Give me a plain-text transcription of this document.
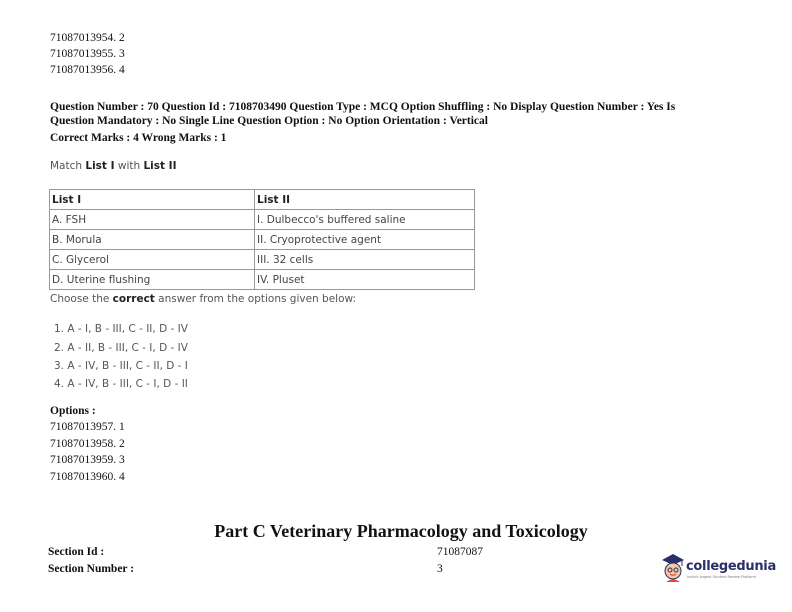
71087013954. 2
71087013955. 3
71087013956. 4
Question Number : 70 Question Id : 7108703490 Question Type : MCQ Option Shuffling : No Display Question Number : Yes Is
Question Mandatory : No Single Line Question Option : No Option Orientation : Vertical
Correct Marks : 4 Wrong Marks : 1
Match List I with List II
List I	List II
A. FSH	I. Dulbecco's buffered saline
B. Morula	II. Cryoprotective agent
C. Glycerol	III. 32 cells
D. Uterine flushing	IV. Pluset
Choose the correct answer from the options given below:
1. A - I, B - III, C - II, D - IV
2. A - II, B - III, C - I, D - IV
3. A - IV, B - III, C - II, D - I
4. A - IV, B - III, C - I, D - II
Options :
71087013957. 1
71087013958. 2
71087013959. 3
71087013960. 4
Part C Veterinary Pharmacology and Toxicology
Section Id :	71087087
Section Number :	3	collegedunia
India's largest Student Review Platform
